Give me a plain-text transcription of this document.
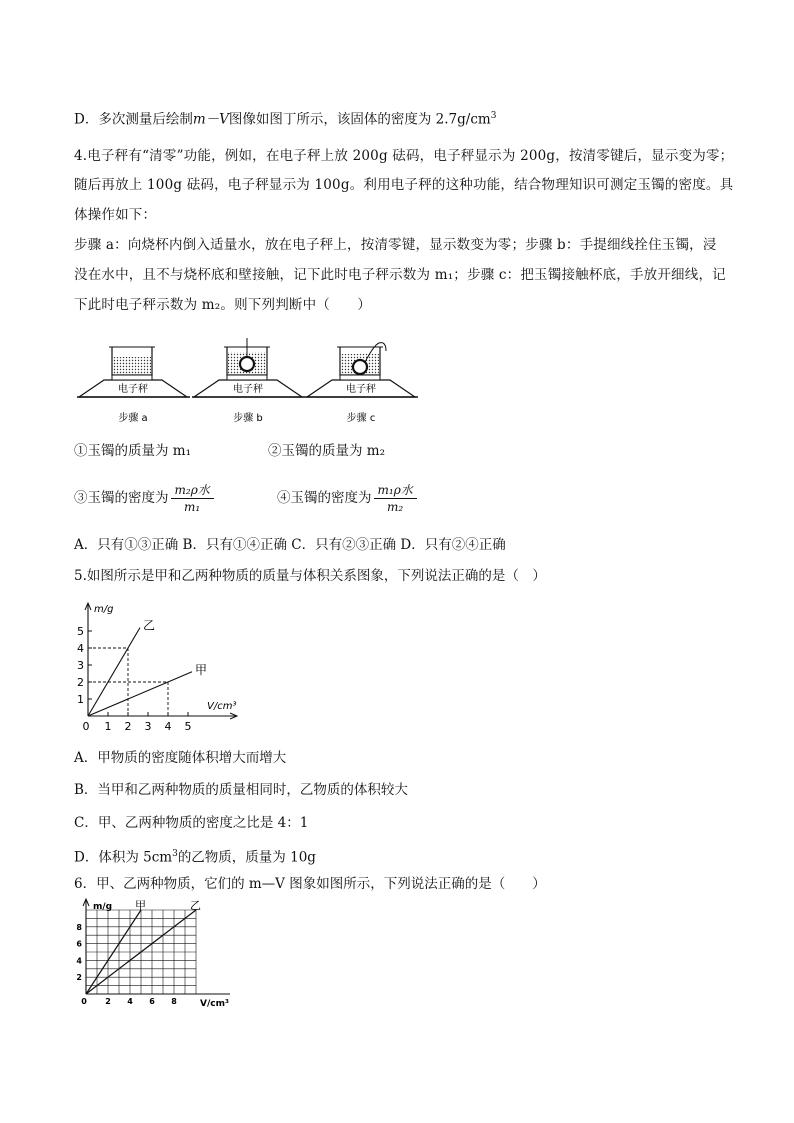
D．多次测量后绘制m－V图像如图丁所示，该固体的密度为 $2.7g/cm^3$
4.电子秤有“清零”功能，例如，在电子秤上放 200g 砝码，电子秤显示为 200g，按清零键后，显示变为零；
随后再放上 100g 砝码，电子秤显示为 100g。利用电子秤的这种功能，结合物理知识可测定玉镯的密度。具
体操作如下：
步骤 a：向烧杯内倒入适量水，放在电子秤上，按清零键，显示数变为零；步骤 b：手提细线拴住玉镯，浸
没在水中，且不与烧杯底和壁接触，记下此时电子秤示数为 m₁；步骤 c：把玉镯接触杯底，手放开细线，记
下此时电子秤示数为 m₂。则下列判断中（　　）
电子秤
步骤 a
电子秤
步骤 b
电子秤
步骤 c
①玉镯的质量为 m₁	②玉镯的质量为 m₂
③玉镯的密度为 $\frac{\text{m₂ρ水}}{\text{m₁}}$	④玉镯的密度为 $\frac{\text{m₁ρ水}}{\text{m₂}}$
A．只有①③正确 B．只有①④正确 C．只有②③正确 D．只有②④正确
5.如图所示是甲和乙两种物质的质量与体积关系图象，下列说法正确的是（　）
m/g
V/cm³
乙
甲
1
2
3
4
5
0 1 2 3 4 5
A．甲物质的密度随体积增大而增大
B．当甲和乙两种物质的质量相同时，乙物质的体积较大
C．甲、乙两种物质的密度之比是 4：1
D．体积为 $5cm^3$的乙物质，质量为 10g
6．甲、乙两种物质，它们的 m—V 图象如图所示，下列说法正确的是（　　）
m/g
V/cm³
甲	乙
2
4
6
8
0 2 4 6 8
